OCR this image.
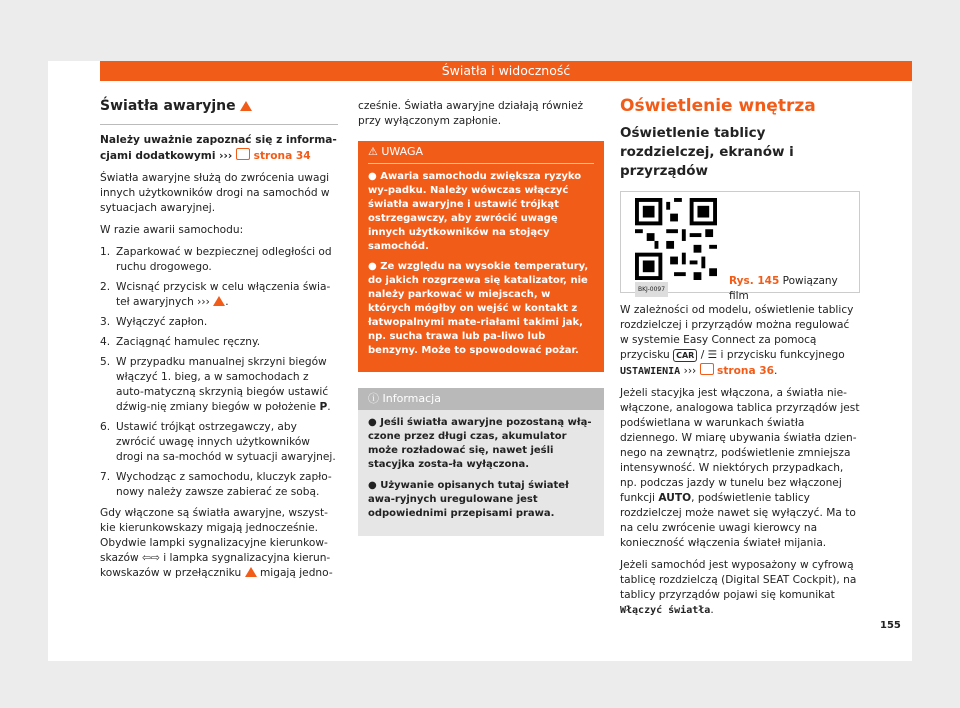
Światła i widoczność
Światła awaryjne

Należy uważnie zapoznać się z informa-cjami dodatkowymi ›››  strona 34

Światła awaryjne służą do zwrócenia uwagi innych użytkowników drogi na samochód w sytuacjach awaryjnej.

W razie awarii samochodu:

1. Zaparkować w bezpiecznej odległości od ruchu drogowego.
2. Wcisnąć przycisk w celu włączenia świa-teł awaryjnych ››› .
3. Wyłączyć zapłon.
4. Zaciągnąć hamulec ręczny.
5. W przypadku manualnej skrzyni biegów włączyć 1. bieg, a w samochodach z auto-matyczną skrzynią biegów ustawić dźwig-nię zmiany biegów w położenie P.
6. Ustawić trójkąt ostrzegawczy, aby zwrócić uwagę innych użytkowników drogi na sa-mochód w sytuacji awaryjnej.
7. Wychodząc z samochodu, kluczyk zapło-nowy należy zawsze zabierać ze sobą.

Gdy włączone są światła awaryjne, wszyst-kie kierunkowskazy migają jednocześnie. Obydwie lampki sygnalizacyjne kierunkow-skazów ⇦⇨ i lampka sygnalizacyjna kierun-kowskazów w przełączniku migają jedno-

cześnie. Światła awaryjne działają również przy wyłączonym zapłonie.

⚠ UWAGA
● Awaria samochodu zwiększa ryzyko wy-padku. Należy wówczas włączyć światła awaryjne i ustawić trójkąt ostrzegawczy, aby zwrócić uwagę innych użytkowników na stojący samochód.
● Ze względu na wysokie temperatury, do jakich rozgrzewa się katalizator, nie należy parkować w miejscach, w których mógłby on wejść w kontakt z łatwopalnymi mate-riałami takimi jak, np. sucha trawa lub pa-liwo lub benzyny. Może to spowodować pożar.
ⓘ Informacja

● Jeśli światła awaryjne pozostaną włą-czone przez długi czas, akumulator może rozładować się, nawet jeśli stacyjka zosta-ła wyłączona.

● Używanie opisanych tutaj świateł awa-ryjnych uregulowane jest odpowiednimi przepisami prawa.

Oświetlenie wnętrza
Oświetlenie tablicy rozdzielczej, ekranów i przyrządów
BKJ-0097
Rys. 145 Powiązany film

W zależności od modelu, oświetlenie tablicy rozdzielczej i przyrządów można regulować w systemie Easy Connect za pomocą przycisku CAR / ☰ i przycisku funkcyjnego USTAWIENIA ›››  strona 36.

Jeżeli stacyjka jest włączona, a światła nie-włączone, analogowa tablica przyrządów jest podświetlana w warunkach światła dziennego. W miarę ubywania światła dzien-nego na zewnątrz, podświetlenie zmniejsza intensywność. W niektórych przypadkach, np. podczas jazdy w tunelu bez włączonej funkcji AUTO, podświetlenie tablicy rozdzielczej może nawet się wyłączyć. Ma to na celu zwrócenie uwagi kierowcy na konieczność włączenia świateł mijania.

Jeżeli samochód jest wyposażony w cyfrową tablicę rozdzielczą (Digital SEAT Cockpit), na tablicy przyrządów pojawi się komunikat Włączyć światła.

155
